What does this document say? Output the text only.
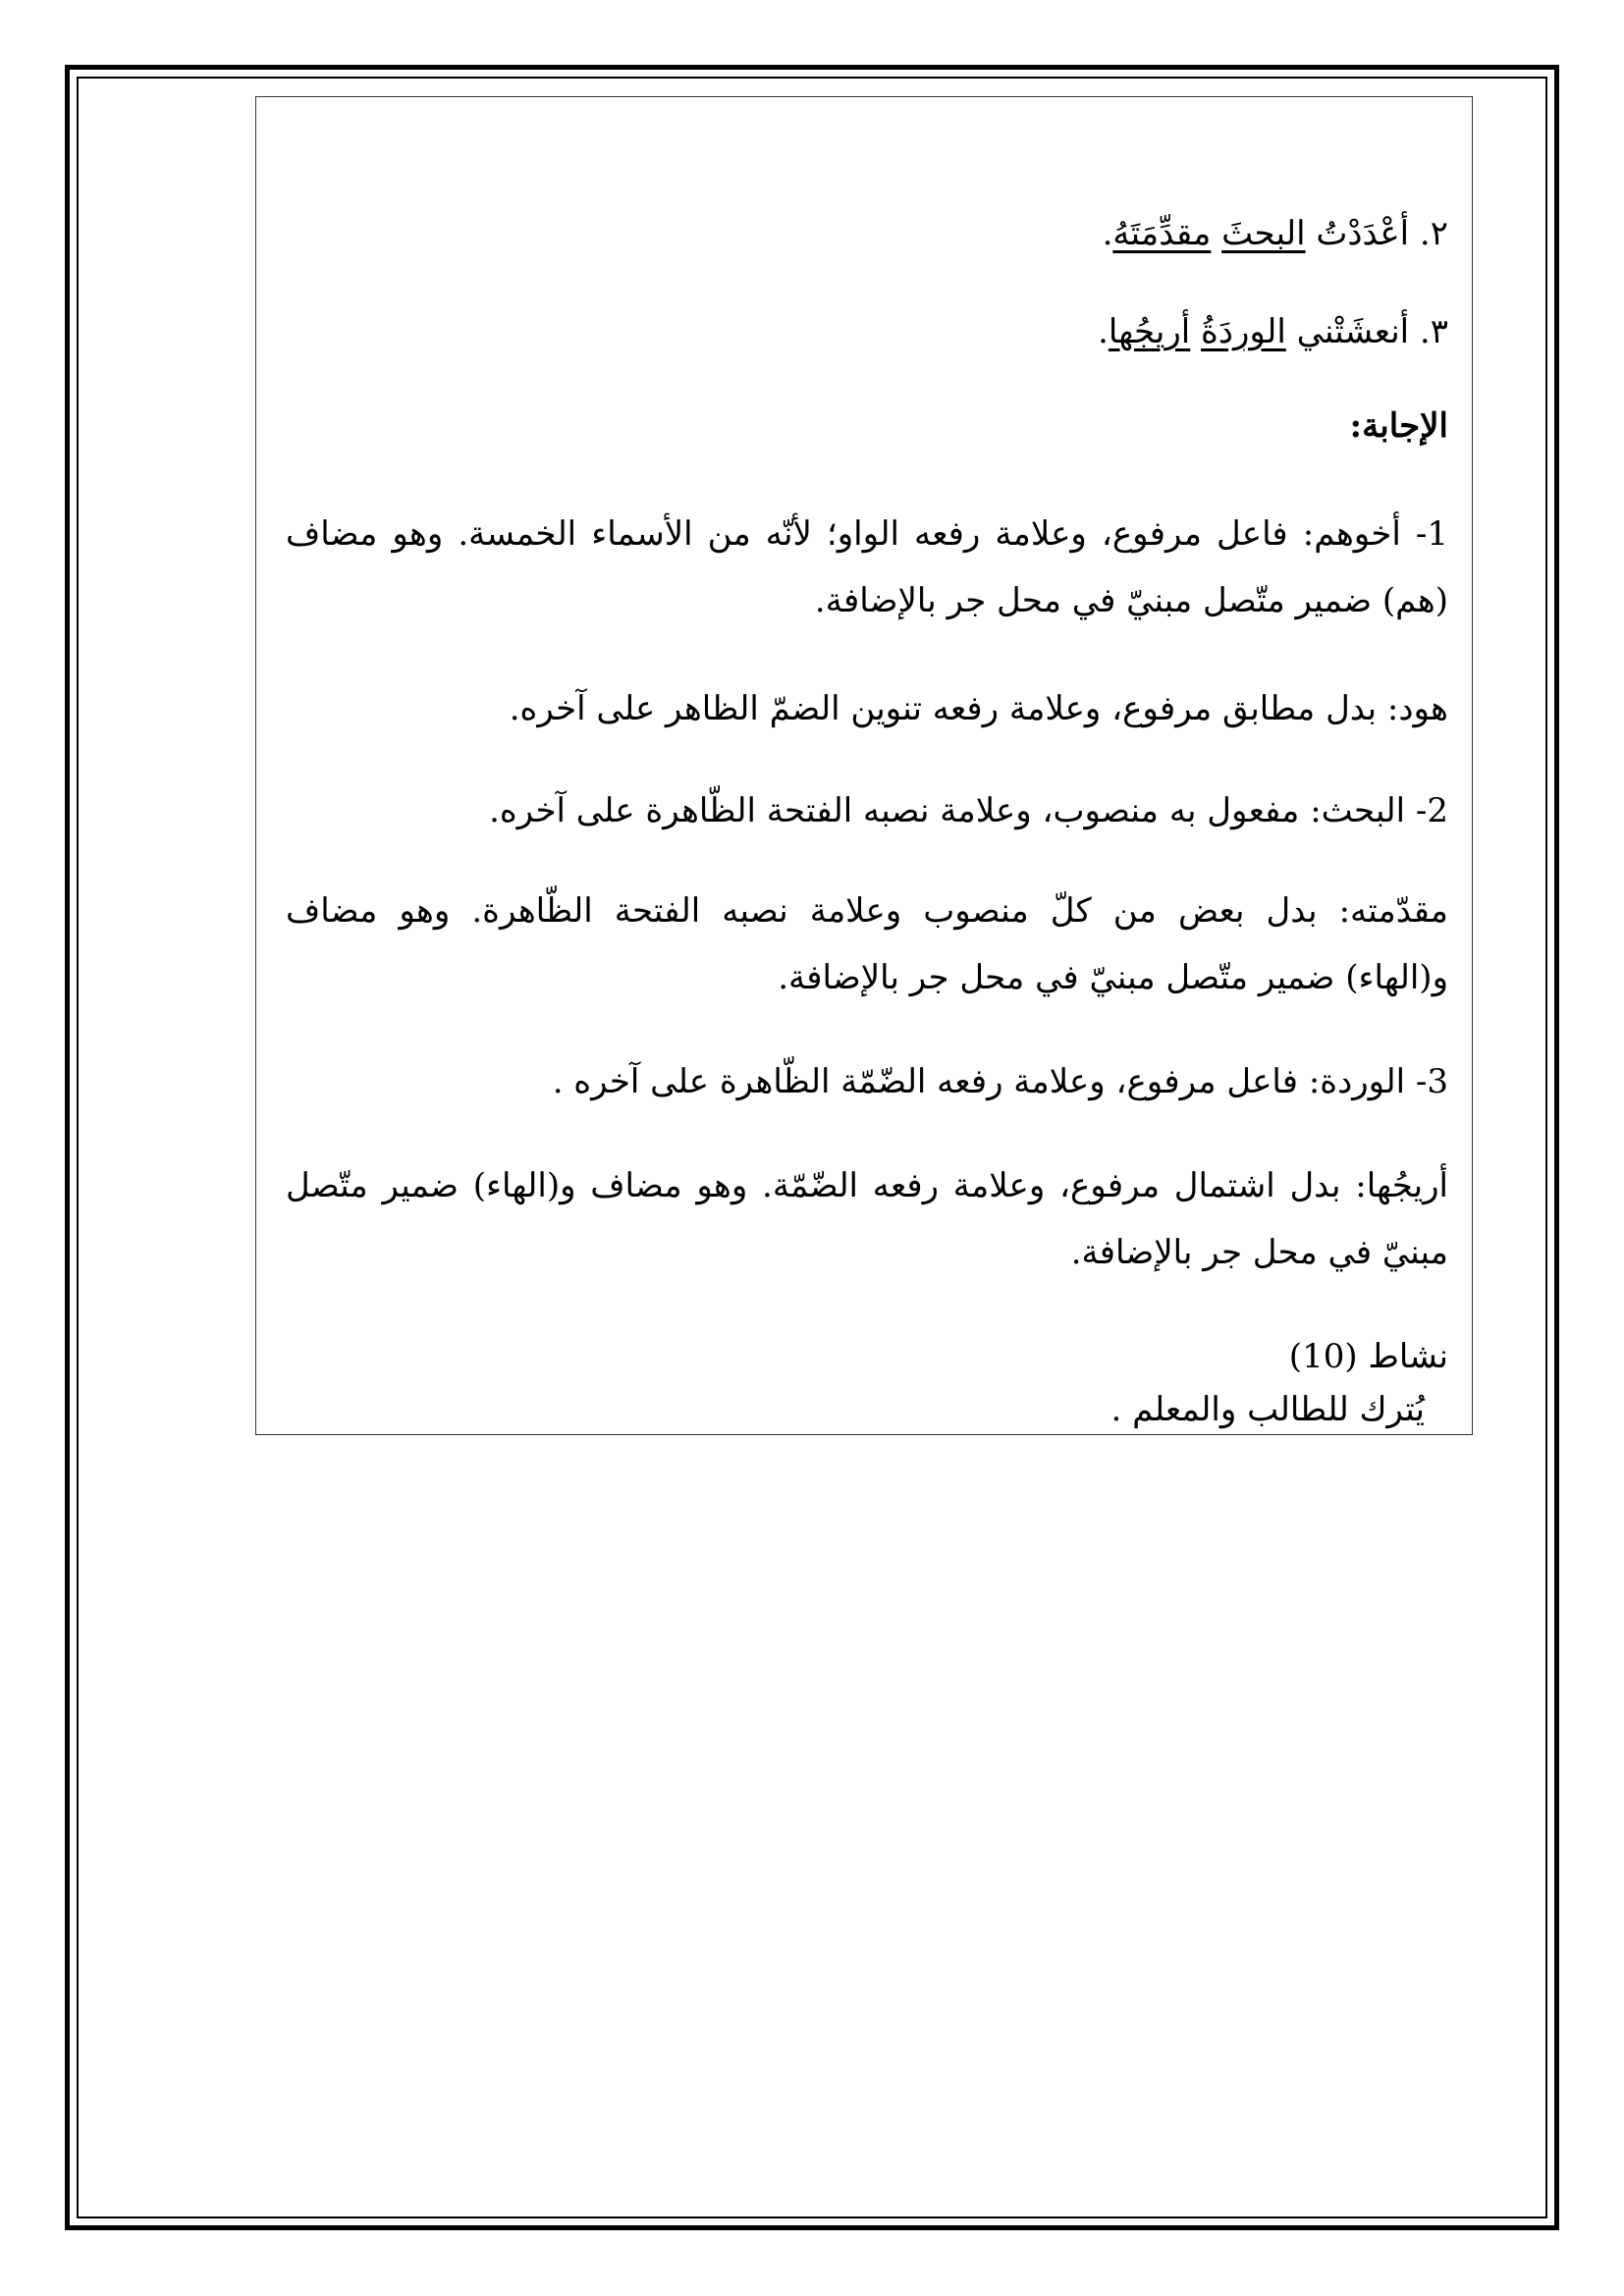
٢. أعْدَدْتُ البحثَ مقدِّمَتَهُ.
٣. أنعشَتْني الوردَةُ أريجُها.
الإجابة:
1- أخوهم: فاعل مرفوع، وعلامة رفعه الواو؛ لأنّه من الأسماء الخمسة. وهو مضاف
(هم) ضمير متّصل مبنيّ في محل جر بالإضافة.
هود: بدل مطابق مرفوع، وعلامة رفعه تنوين الضمّ الظاهر على آخره.
2- البحث: مفعول به منصوب، وعلامة نصبه الفتحة الظّاهرة على آخره.
مقدّمته: بدل بعض من كلّ منصوب وعلامة نصبه الفتحة الظّاهرة. وهو مضاف
و(الهاء) ضمير متّصل مبنيّ في محل جر بالإضافة.
3- الوردة: فاعل مرفوع، وعلامة رفعه الضّمّة الظّاهرة على آخره .
أريجُها: بدل اشتمال مرفوع، وعلامة رفعه الضّمّة. وهو مضاف و(الهاء) ضمير متّصل
مبنيّ في محل جر بالإضافة.
نشاط (10)
يُترك للطالب والمعلم .
